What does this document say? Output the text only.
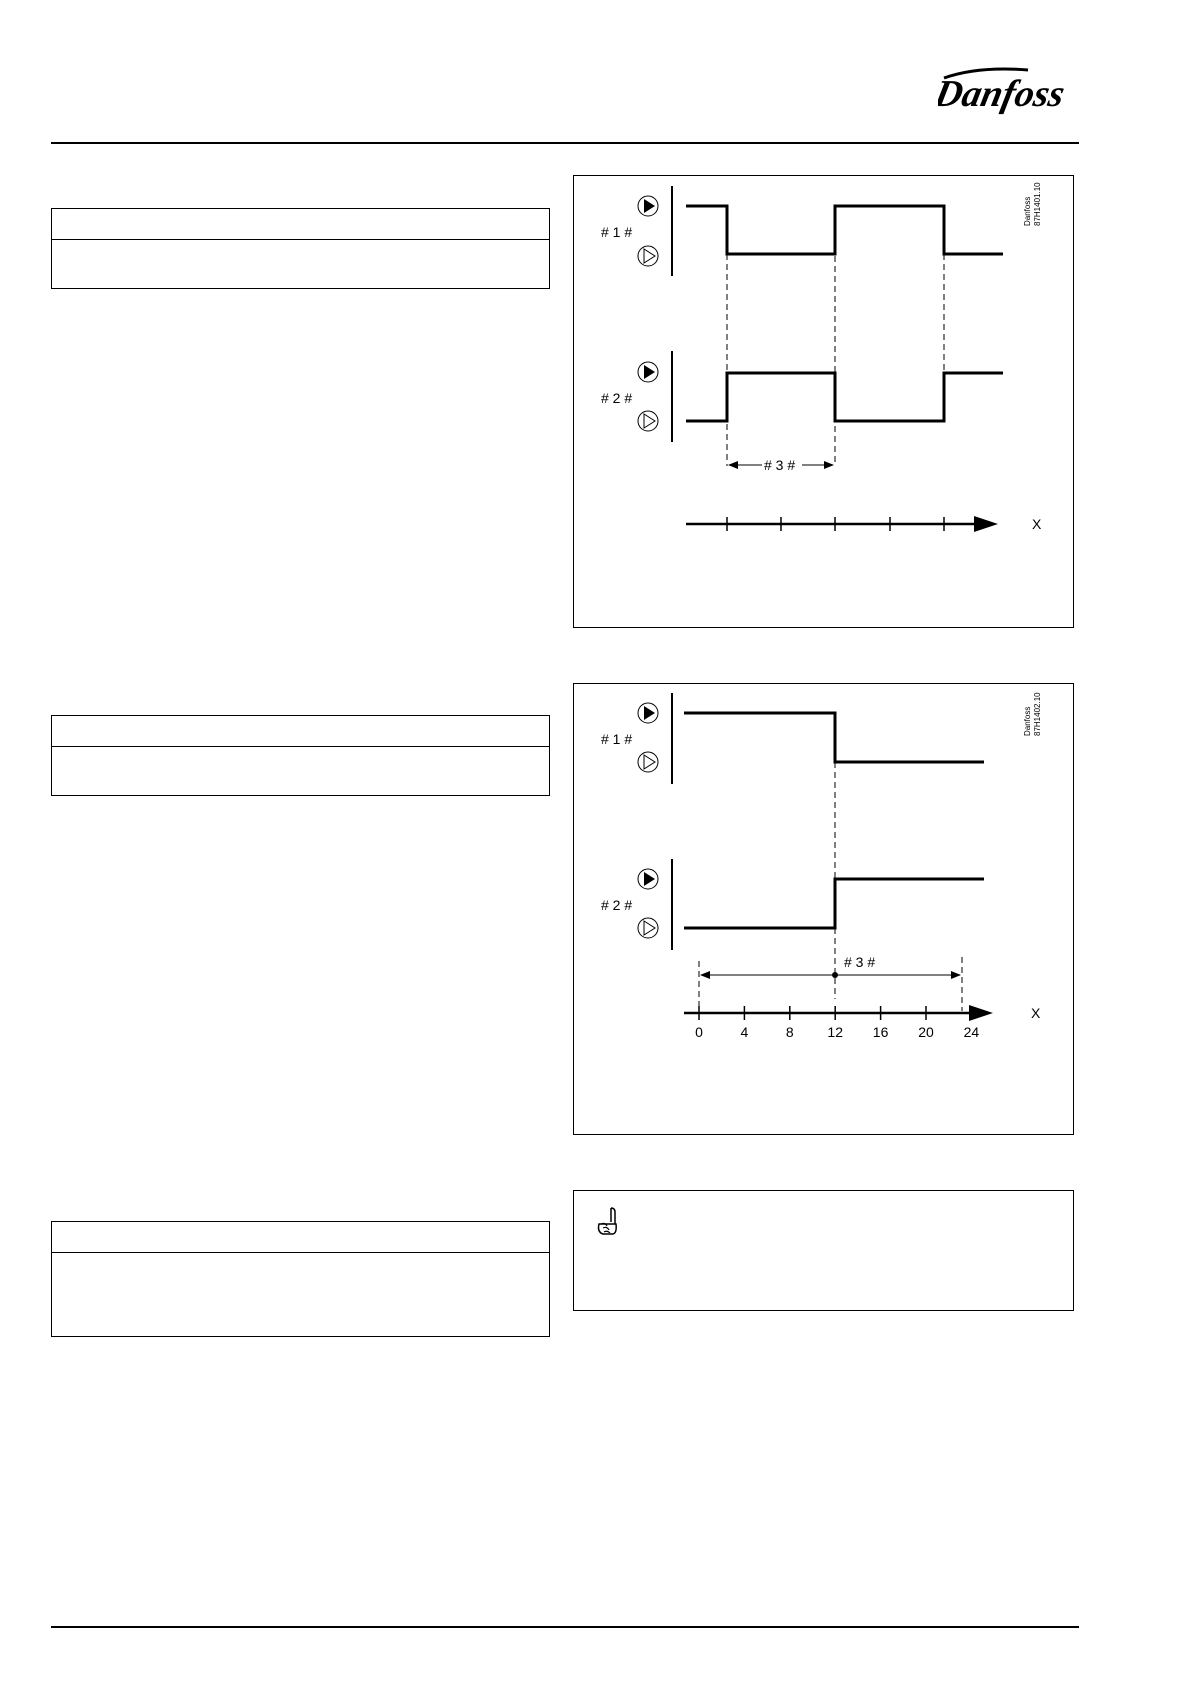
Danfoss
Danfoss 87H1401.10
# 1 #
# 2 #
# 3 #
X
Danfoss 87H1402.10
# 1 #
# 2 #
# 3 #
0	4	8 12 16 20 24
X
